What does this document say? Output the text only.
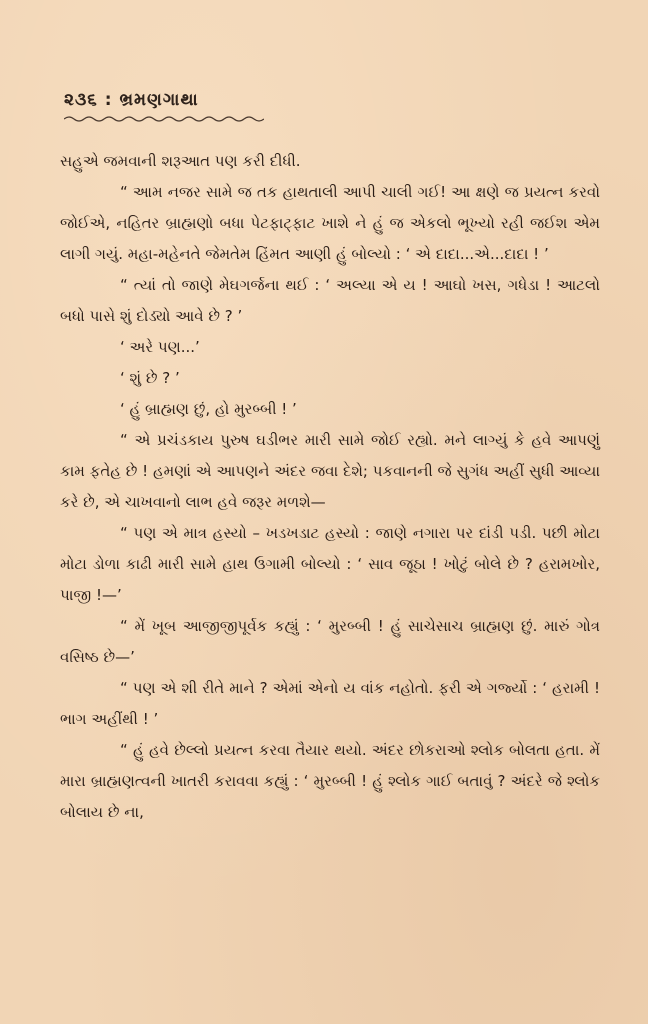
૨૩૬ : ભ્રમણગાથા

સહુએ જમવાની શરૂઆત પણ કરી દીધી.

“ આમ નજર સામે જ તક હાથતાલી આપી ચાલી ગઈ! આ ક્ષણે જ પ્રયત્ન કરવો જોઈએ, નહિતર બ્રાહ્મણો બધા પેટફાટ્ફાટ ખાશે ને હું જ એકલો ભૂખ્યો રહી જઈશ એમ લાગી ગયું. મહા-મહેનતે જેમતેમ હિંમત આણી હું બોલ્યો : ‘ એ દાદા...એ...દાદા ! ’

“ ત્યાં તો જાણે મેઘગર્જના થઈ : ‘ અલ્યા એ ય ! આઘો ખસ, ગધેડા ! આટલો બધો પાસે શું દોડ્યો આવે છે ? ’

‘ અરે પણ...’

‘ શું છે ? ’

‘ હું બ્રાહ્મણ છું, હો મુરબ્બી ! ’

“ એ પ્રચંડકાય પુરુષ ઘડીભર મારી સામે જોઈ રહ્યો. મને લાગ્યું કે હવે આપણું કામ ફતેહ છે ! હમણાં એ આપણને અંદર જવા દેશે; પકવાનની જે સુગંધ અહીં સુધી આવ્યા કરે છે, એ ચાખવાનો લાભ હવે જરૂર મળશે—

“ પણ એ માત્ર હસ્યો – ખડખડાટ હસ્યો : જાણે નગારા પર દાંડી પડી. પછી મોટા મોટા ડોળા કાઢી મારી સામે હાથ ઉગામી બોલ્યો : ‘ સાવ જૂઠા ! ખોટું બોલે છે ? હરામખોર, પાજી !—’

“ મેં ખૂબ આજીજીપૂર્વક કહ્યું : ‘ મુરબ્બી ! હું સાચેસાચ બ્રાહ્મણ છું. મારું ગોત્ર વસિષ્ઠ છે—’

“ પણ એ શી રીતે માને ? એમાં એનો ય વાંક નહોતો. ફરી એ ગર્જ્યો : ‘ હરામી ! ભાગ અહીંથી ! ’

“ હું હવે છેલ્લો પ્રયત્ન કરવા તૈયાર થયો. અંદર છોકરાઓ શ્લોક બોલતા હતા. મેં મારા બ્રાહ્મણત્વની ખાતરી કરાવવા કહ્યું : ‘ મુરબ્બી ! હું શ્લોક ગાઈ બતાવું ? અંદરે જે શ્લોક બોલાય છે ના,
